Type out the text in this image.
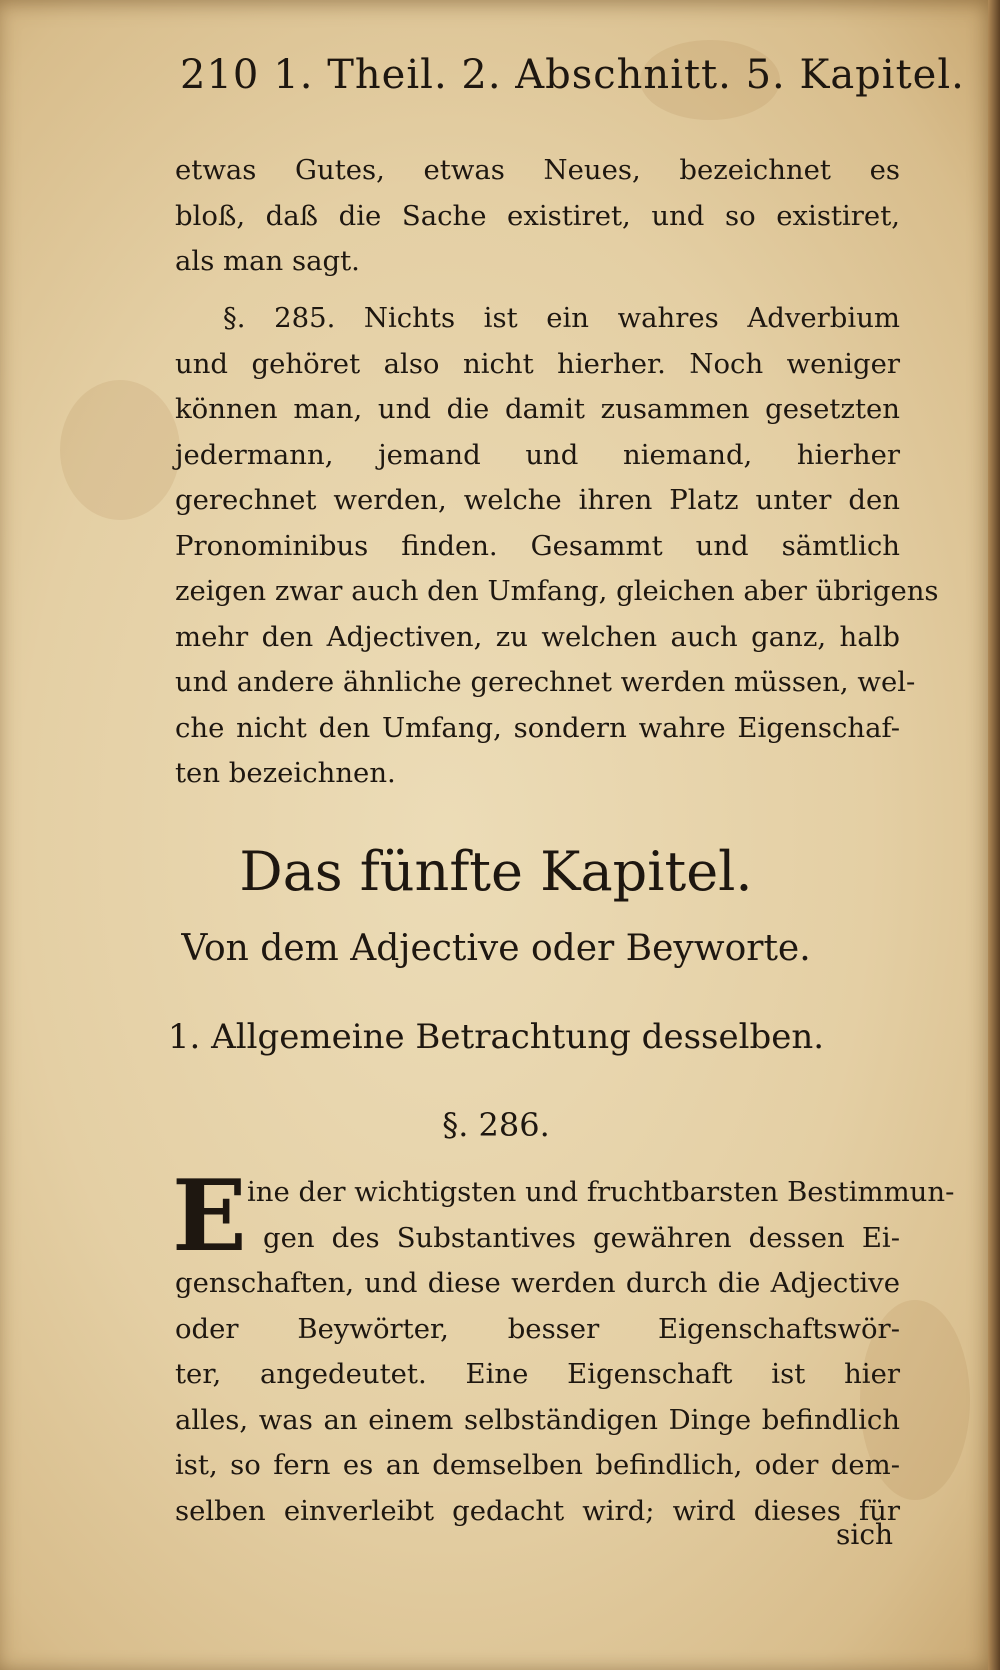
210 1. Theil. 2. Abschnitt. 5. Kapitel.
etwas Gutes, etwas Neues, bezeichnet es
bloß, daß die Sache existiret, und so existiret,
als man sagt.
§. 285. Nichts ist ein wahres Adverbium
und gehöret also nicht hierher. Noch weniger
können man, und die damit zusammen gesetzten
jedermann, jemand und niemand, hierher
gerechnet werden, welche ihren Platz unter den
Pronominibus finden. Gesammt und sämtlich
zeigen zwar auch den Umfang, gleichen aber übrigens
mehr den Adjectiven, zu welchen auch ganz, halb
und andere ähnliche gerechnet werden müssen, wel-
che nicht den Umfang, sondern wahre Eigenschaf-
ten bezeichnen.
Das fünfte Kapitel.
Von dem Adjective oder Beyworte.
1. Allgemeine Betrachtung desselben.
§. 286.
E ine der wichtigsten und fruchtbarsten Bestimmun-
gen des Substantives gewähren dessen Ei-
genschaften, und diese werden durch die Adjective
oder Beywörter, besser Eigenschaftswör-
ter, angedeutet. Eine Eigenschaft ist hier
alles, was an einem selbständigen Dinge befindlich
ist, so fern es an demselben befindlich, oder dem-
selben einverleibt gedacht wird; wird dieses für
sich
